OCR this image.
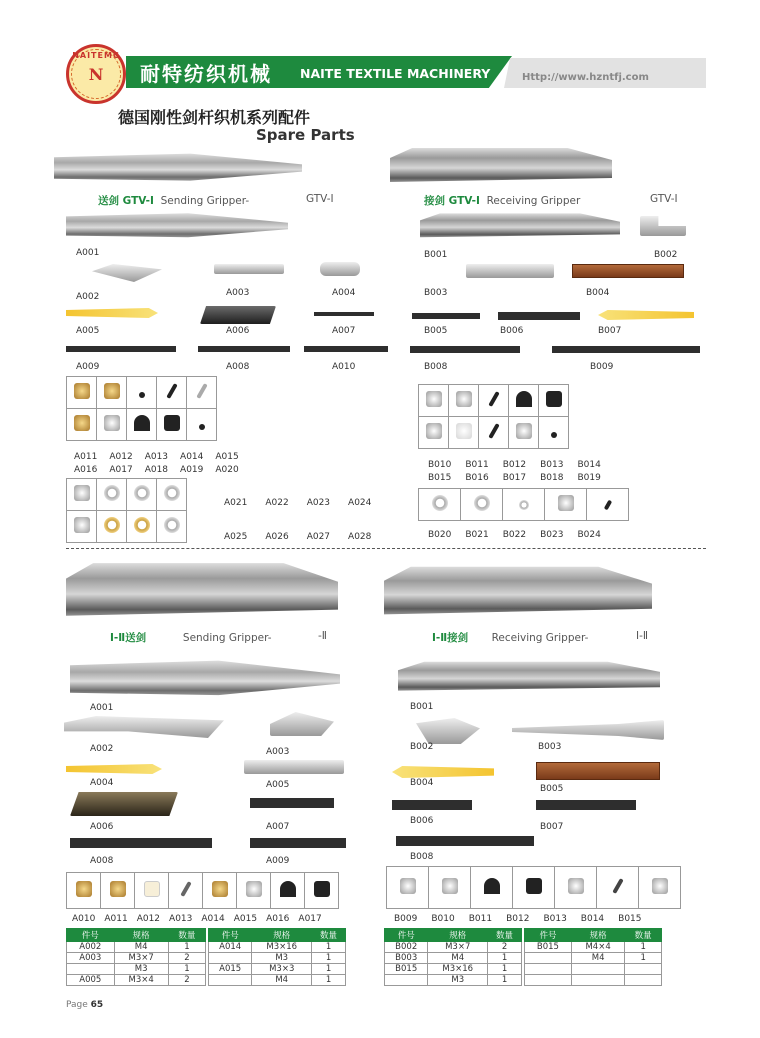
NAITEMC
N 耐特纺织机械 NAITE TEXTILE MACHINERY	Http://www.hzntfj.com
德国刚性剑杆织机系列配件
Spare Parts
送剑 GTV-Ⅰ Sending Gripper-	GTV-Ⅰ
A001
A002	A003	A004
A005	A006	A007
A009	A008	A010

A011 A012 A013 A014 A015
A016 A017 A018 A019 A020

A021 A022 A023 A024
A025 A026 A027 A028
接剑 GTV-Ⅰ Receiving Gripper	GTV-Ⅰ
B001	B002
B003	B004
B005	B006	B007
B008	B009

B010 B011 B012 B013 B014
B015 B016 B017 B018 B019

B020 B021 B022 B023 B024
Ⅰ-Ⅱ送剑	Sending Gripper-	-Ⅱ
A001
A002	A003
A004	A005
A006	A007
A008	A009

A010 A011 A012 A013 A014 A015 A016 A017
Ⅰ-Ⅱ接剑 Receiving Gripper-	Ⅰ-Ⅱ
B001
B002	B003
B004
B005
B006
B007
B008

B009 B010 B011 B012 B013 B014 B015
件号	规格	数量
A002	M4	1
A003	M3×7	2
	M3	1
A005	M3×4	2
件号	规格	数量
A014	M3×16	1
	M3	1
A015	M3×3	1
	M4	1
件号	规格	数量
B002	M3×7	2
B003	M4	1
B015	M3×16	1
	M3	1
件号	规格	数量
B015	M4×4	1
	M4	1

Page 65
